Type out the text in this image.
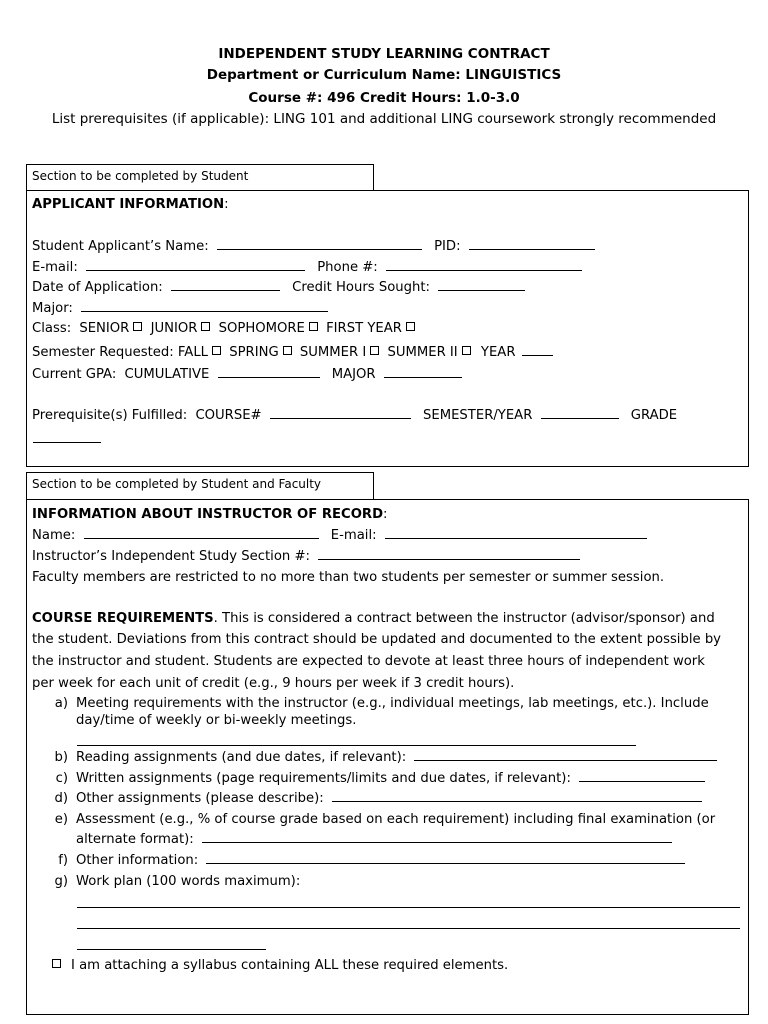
INDEPENDENT STUDY LEARNING CONTRACT
Department or Curriculum Name: LINGUISTICS
Course #: 496 Credit Hours: 1.0-3.0
List prerequisites (if applicable): LING 101 and additional LING coursework strongly recommended
Section to be completed by Student
APPLICANT INFORMATION:
Student Applicant’s Name:	PID:
E-mail:	Phone #:
Date of Application:	Credit Hours Sought:
Major:
Class: SENIOR JUNIOR SOPHOMORE FIRST YEAR
Semester Requested: FALL SPRING SUMMER I SUMMER II YEAR
Current GPA: CUMULATIVE	MAJOR
Prerequisite(s) Fulfilled: COURSE#	SEMESTER/YEAR	GRADE
Section to be completed by Student and Faculty
INFORMATION ABOUT INSTRUCTOR OF RECORD:
Name:	E-mail:
Instructor’s Independent Study Section #:
Faculty members are restricted to no more than two students per semester or summer session.
COURSE REQUIREMENTS. This is considered a contract between the instructor (advisor/sponsor) and
the student. Deviations from this contract should be updated and documented to the extent possible by
the instructor and student. Students are expected to devote at least three hours of independent work
per week for each unit of credit (e.g., 9 hours per week if 3 credit hours).
a) Meeting requirements with the instructor (e.g., individual meetings, lab meetings, etc.). Include
day/time of weekly or bi-weekly meetings.
b) Reading assignments (and due dates, if relevant):
c) Written assignments (page requirements/limits and due dates, if relevant):
d) Other assignments (please describe):
e) Assessment (e.g., % of course grade based on each requirement) including final examination (or
alternate format):
f) Other information:
g) Work plan (100 words maximum):
I am attaching a syllabus containing ALL these required elements.
